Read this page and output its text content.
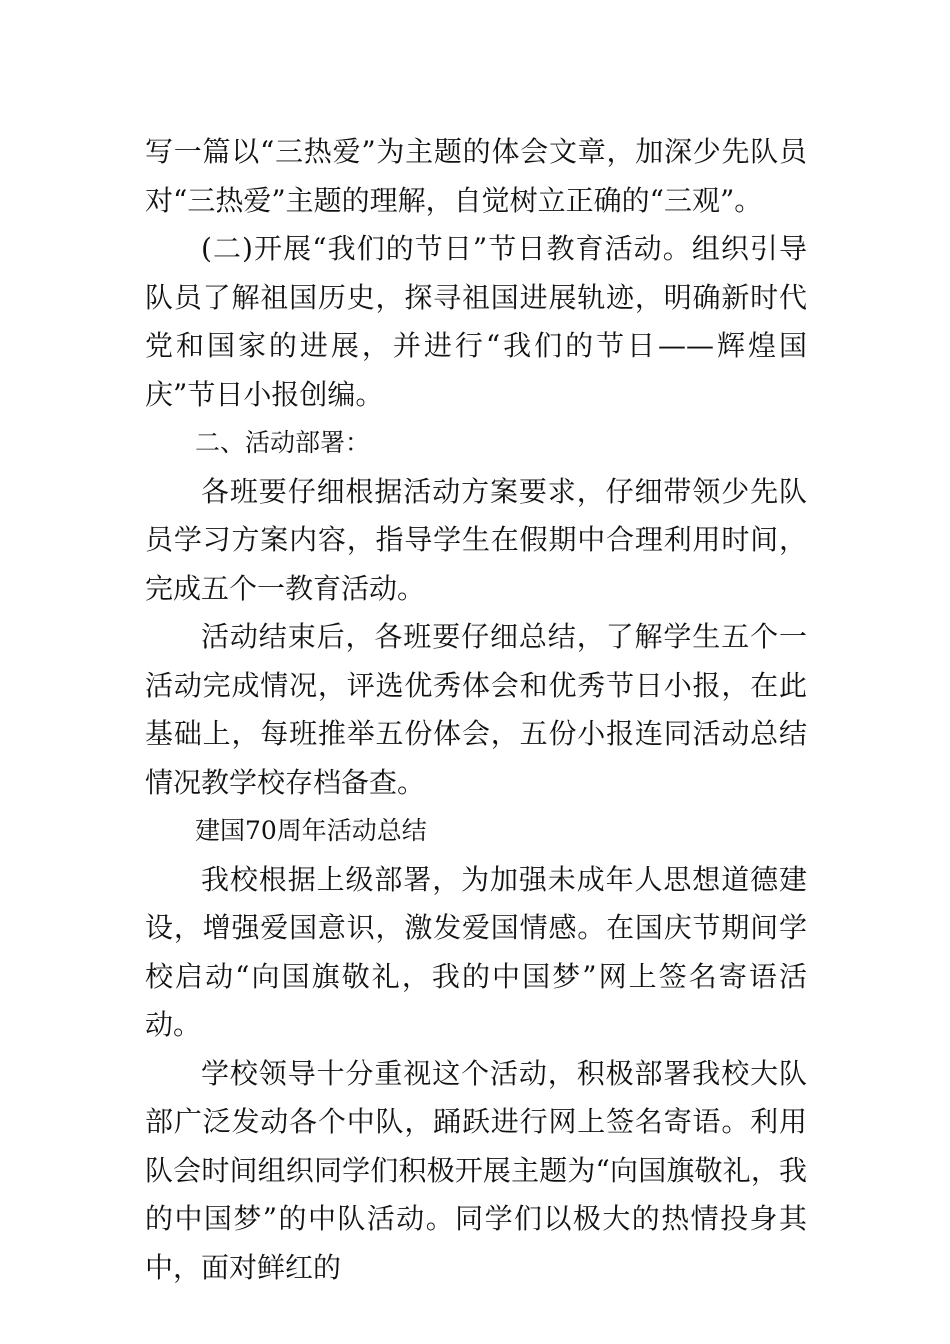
写一篇以“三热爱”为主题的体会文章，加深少先队员对“三热爱”主题的理解，自觉树立正确的“三观”。

(二)开展“我们的节日”节日教育活动。组织引导队员了解祖国历史，探寻祖国进展轨迹，明确新时代党和国家的进展，并进行“我们的节日——辉煌国庆”节日小报创编。

二、活动部署：

各班要仔细根据活动方案要求，仔细带领少先队员学习方案内容，指导学生在假期中合理利用时间，完成五个一教育活动。

活动结束后，各班要仔细总结，了解学生五个一活动完成情况，评选优秀体会和优秀节日小报，在此基础上，每班推举五份体会，五份小报连同活动总结情况教学校存档备查。

建国70周年活动总结

我校根据上级部署，为加强未成年人思想道德建设，增强爱国意识，激发爱国情感。在国庆节期间学校启动“向国旗敬礼，我的中国梦”网上签名寄语活动。

学校领导十分重视这个活动，积极部署我校大队部广泛发动各个中队，踊跃进行网上签名寄语。利用队会时间组织同学们积极开展主题为“向国旗敬礼，我的中国梦”的中队活动。同学们以极大的热情投身其中，面对鲜红的
